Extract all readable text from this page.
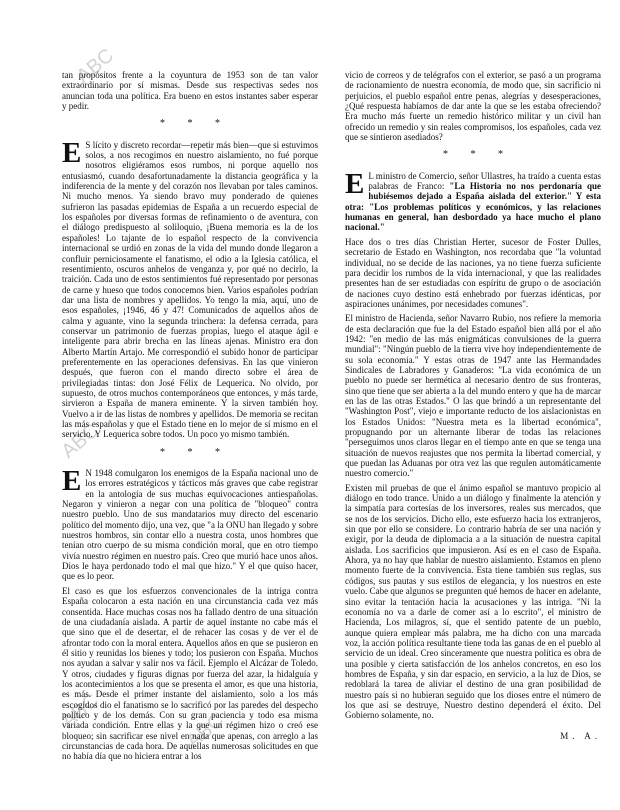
ABC
ABC
ABC	ABC

tan propósitos frente a la coyuntura de 1953 son de tan valor extraordinario por sí mismas. Desde sus respectivas sedes nos anuncian toda una política. Era bueno en estos instantes saber esperar y pedir.

* * *

E S lícito y discreto recordar—repetir más bien—que si estuvimos solos, a nos recogimos en nuestro aislamiento, no fué porque nosotros eligiéramos esos rumbos, ni porque aquello nos entusiasmó, cuando desafortunadamente la distancia geográfica y la indiferencia de la mente y del corazón nos llevaban por tales caminos. Ni mucho menos. Ya siendo bravo muy ponderado de quienes sufrieron las pasadas epidemias de España a un recuerdo especial de los españoles por diversas formas de refinamiento o de aventura, con el diálogo predispuesto al soliloquio, ¡Buena memoria es la de los españoles! Lo tajante de lo español respecto de la convivencia internacional se urdió en zonas de la vida del mundo donde llegaron a confluir perniciosamente el fanatismo, el odio a la Iglesia católica, el resentimiento, oscuros anhelos de venganza y, por qué no decirlo, la traición. Cada uno de estos sentimientos fué representado por personas de carne y hueso que todos conocemos bien. Varios españoles podrían dar una lista de nombres y apellidos. Yo tengo la mía, aquí, uno de esos españoles, ¡1946, 46 y 47! Comunicados de aquellos años de calma y aguante, vino la segunda trinchera: la defensa cerrada, para conservar un patrimonio de fuerzas propias, luego el ataque ágil e inteligente para abrir brecha en las líneas ajenas. Ministro era don Alberto Martín Artajo. Me correspondió el subido honor de participar preferentemente en las operaciones defensivas. En las que vinieron después, que fueron con el mando directo sobre el área de privilegiadas tintas: don José Félix de Lequerica. No olvido, por supuesto, de otros muchos contemporáneos que entonces, y más tarde, sirvieron a España de manera eminente. Y la sirven también hoy. Vuelvo a ir de las listas de nombres y apellidos. De memoria se recitan las más españolas y que el Estado tiene en lo mejor de sí mismo en el servicio. Y Lequerica sobre todos. Un poco yo mismo también.

* * *

E N 1948 comulgaron los enemigos de la España nacional uno de los errores estratégicos y tácticos más graves que cabe registrar en la antología de sus muchas equivocaciones antiespañolas. Negaron y vinieron a negar con una política de "bloqueo" contra nuestro pueblo. Uno de sus mandatarios muy directo del escenario político del momento dijo, una vez, que "a la ONU han llegado y sobre nuestros hombros, sin contar ello a nuestra costa, unos hombres que tenían otro cuerpo de su misma condición moral, que en otro tiempo vivía nuestro régimen en nuestro país. Creo que murió hace unos años. Dios le haya perdonado todo el mal que hizo." Y el que quiso hacer, que es lo peor.

El caso es que los esfuerzos convencionales de la intriga contra España colocaron a esta nación en una circunstancia cada vez más consentida. Hace muchas cosas nos ha fallado dentro de una situación de una ciudadanía aislada. A partir de aquel instante no cabe más el que sino que el de desertar, el de rehacer las cosas y de ver el de afrontar todo con la moral entera. Aquellos años en que se pusieron en él sitio y reunidas los bienes y todo; los pusieron con España. Muchos nos ayudan a salvar y salir nos va fácil. Ejemplo el Alcázar de Toledo. Y otros, ciudades y figuras dignas por fuerza del azar, la hidalguía y los acontecimientos a los que se presenta el amor, es que una historia, es más. Desde el primer instante del aislamiento, solo a los más escogidos dio el fanatismo se lo sacrificó por las paredes del despecho político y de los demás. Con su gran paciencia y todo esa misma variada condición. Entre ellas y la que un régimen hizo o creó ese bloqueo; sin sacrificar ese nivel en nada que apenas, con arreglo a las circunstancias de cada hora. De aquellas numerosas solicitudes en que no había día que no hiciera entrar a los

vicio de correos y de telégrafos con el exterior, se pasó a un programa de racionamiento de nuestra economía, de modo que, sin sacrificio ni perjuicios, el pueblo español entre penas, alegrías y desesperaciones, ¿Qué respuesta habíamos de dar ante la que se les estaba ofreciendo? Era mucho más fuerte un remedio histórico militar y un civil han ofrecido un remedio y sin reales compromisos, los españoles, cada vez que se sintieron asediados?

* * *

E L ministro de Comercio, señor Ullastres, ha traído a cuenta estas palabras de Franco: "La Historia no nos perdonaría que hubiésemos dejado a España aislada del exterior." Y esta otra: "Los problemas políticos y económicos, y las relaciones humanas en general, han desbordado ya hace mucho el plano nacional."

Hace dos o tres días Christian Herter, sucesor de Foster Dulles, secretario de Estado en Washington, nos recordaba que "la voluntad individual, no se decide de las naciones, ya no tiene fuerza suficiente para decidir los rumbos de la vida internacional, y que las realidades presentes han de ser estudiadas con espíritu de grupo o de asociación de naciones cuyo destino está enhebrado por fuerzas idénticas, por aspiraciones unánimes, por necesidades comunes".

El ministro de Hacienda, señor Navarro Rubio, nos refiere la memoria de esta declaración que fue la del Estado español bien allá por el año 1942: "en medio de las más enigmáticas convulsiones de la guerra mundial": "Ningún pueblo de la tierra vive hoy independientemente de su sola economía." Y estas otras de 1947 ante las Hermandades Sindicales de Labradores y Ganaderos: "La vida económica de un pueblo no puede ser hermética al necesario dentro de sus fronteras, sino que tiene que ser abierta a la del mundo entero y que ha de marcar en las de las otras Estados." O las que brindó a un representante del "Washington Post", viejo e importante reducto de los aislacionistas en los Estados Unidos: "Nuestra meta es la libertad económica", propugnando por un alternante liberar de todas las relaciones "perseguimos unos claros llegar en el tiempo ante en que se tenga una situación de nuevos reajustes que nos permita la libertad comercial, y que puedan las Aduanas por otra vez las que regulen automáticamente nuestro comercio."

Existen mil pruebas de que el ánimo español se mantuvo propicio al diálogo en todo trance. Unido a un diálogo y finalmente la atención y la simpatía para cortesías de los inversores, reales sus mercados, que se nos de los servicios. Dicho ello, este esfuerzo hacia los extranjeros, sin que por ello se considere. Lo contrario habría de ser una nación y exigir, por la deuda de diplomacia a a la situación de nuestra capital aislada. Los sacrificios que impusieron. Así es en el caso de España. Ahora, ya no hay que hablar de nuestro aislamiento. Estamos en pleno momento fuerte de la convivencia. Esta tiene también sus reglas, sus códigos, sus pautas y sus estilos de elegancia, y los nuestros en este vuelo. Cabe que algunos se pregunten qué hemos de hacer en adelante, sino evitar la tentación hacia la acusaciones y las intriga. "Ni la economía no va a darle de comer así a lo escrito", el ministro de Hacienda, Los milagros, sí, que el sentido patente de un pueblo, aunque quiera emplear más palabra, me ha dicho con una marcada voz, la acción política resultante tiene toda las ganas de en el pueblo al servicio de un ideal. Creo sinceramente que nuestra política es obra de una posible y cierta satisfacción de los anhelos concretos, en eso los hombres de España, y sin dar espacio, en servicio, a la luz de Dios, se redoblará la tarea de aliviar el destino de una gran posibilidad de nuestro país si no hubieran seguido que los dioses entre el número de los que así se destruye, Nuestro destino dependerá el éxito. Del Gobierno solamente, no.

M. A.
